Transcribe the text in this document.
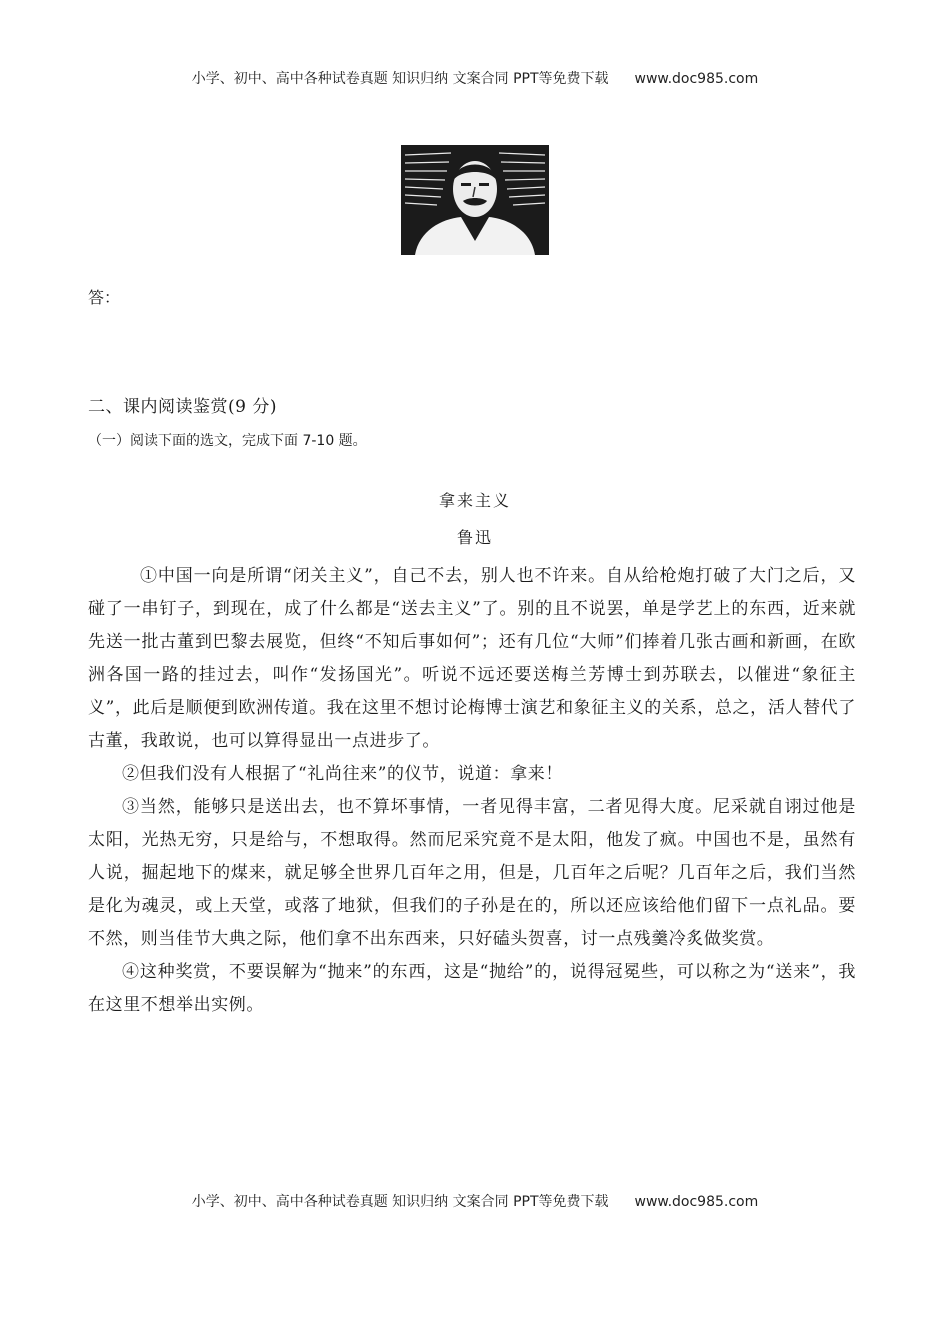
小学、初中、高中各种试卷真题 知识归纳 文案合同 PPT等免费下载 www.doc985.com
答：
二、课内阅读鉴赏(9 分)
（一）阅读下面的选文，完成下面 7-10 题。
拿来主义
鲁迅

①中国一向是所谓“闭关主义”，自己不去，别人也不许来。自从给枪炮打破了大门之后，又碰了一串钉子，到现在，成了什么都是“送去主义”了。别的且不说罢，单是学艺上的东西，近来就先送一批古董到巴黎去展览，但终“不知后事如何”；还有几位“大师”们捧着几张古画和新画，在欧洲各国一路的挂过去，叫作“发扬国光”。听说不远还要送梅兰芳博士到苏联去，以催进“象征主义”，此后是顺便到欧洲传道。我在这里不想讨论梅博士演艺和象征主义的关系，总之，活人替代了古董，我敢说，也可以算得显出一点进步了。

②但我们没有人根据了“礼尚往来”的仪节，说道：拿来！

③当然，能够只是送出去，也不算坏事情，一者见得丰富，二者见得大度。尼采就自诩过他是太阳，光热无穷，只是给与，不想取得。然而尼采究竟不是太阳，他发了疯。中国也不是，虽然有人说，掘起地下的煤来，就足够全世界几百年之用，但是，几百年之后呢？几百年之后，我们当然是化为魂灵，或上天堂，或落了地狱，但我们的子孙是在的，所以还应该给他们留下一点礼品。要不然，则当佳节大典之际，他们拿不出东西来，只好磕头贺喜，讨一点残羹冷炙做奖赏。

④这种奖赏，不要误解为“抛来”的东西，这是“抛给”的，说得冠冕些，可以称之为“送来”，我在这里不想举出实例。

小学、初中、高中各种试卷真题 知识归纳 文案合同 PPT等免费下载 www.doc985.com
